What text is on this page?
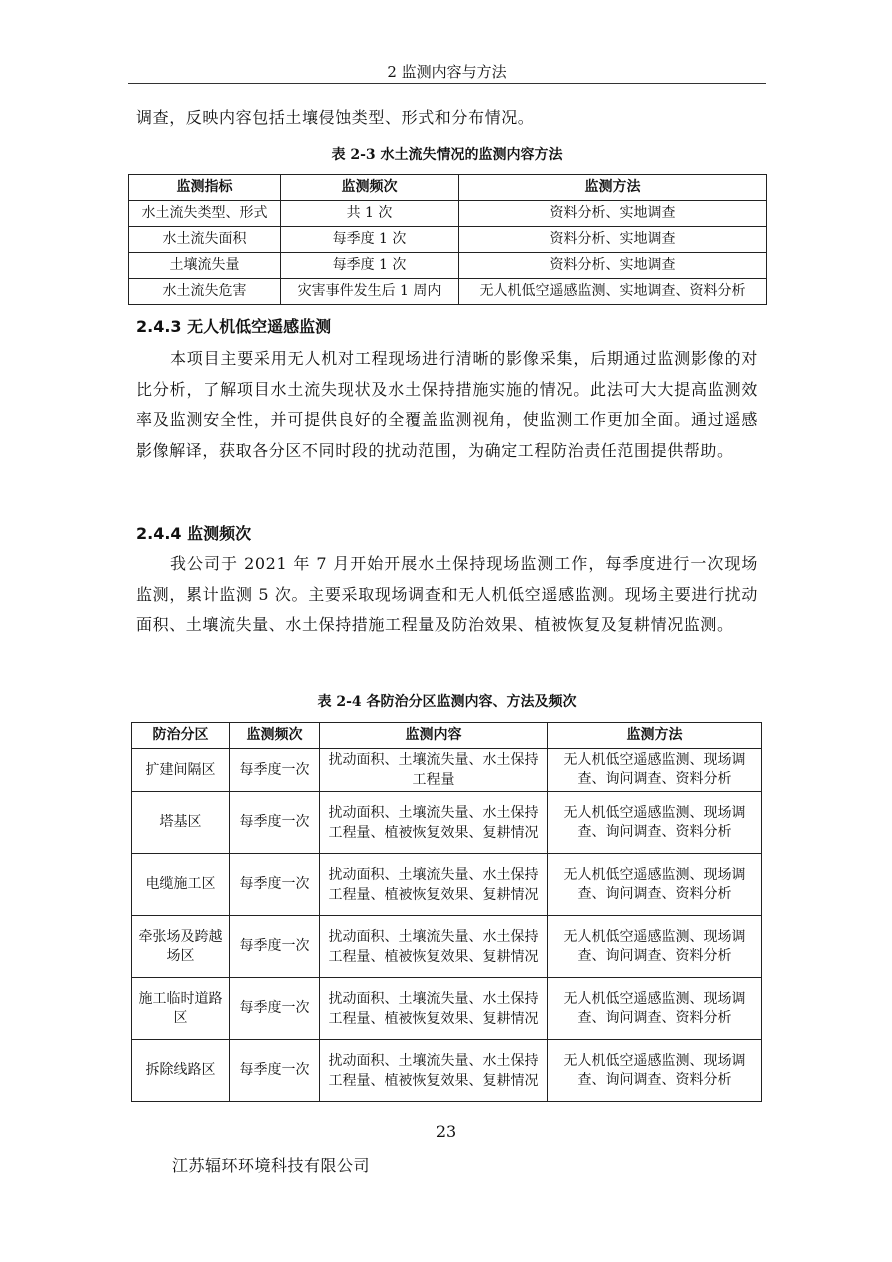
2 监测内容与方法

调查，反映内容包括土壤侵蚀类型、形式和分布情况。

表 2-3 水土流失情况的监测内容方法
监测指标	监测频次	监测方法
水土流失类型、形式	共 1 次	资料分析、实地调查
水土流失面积	每季度 1 次	资料分析、实地调查
土壤流失量	每季度 1 次	资料分析、实地调查
水土流失危害	灾害事件发生后 1 周内	无人机低空遥感监测、实地调查、资料分析
2.4.3 无人机低空遥感监测

本项目主要采用无人机对工程现场进行清晰的影像采集，后期通过监测影像的对比分析，了解项目水土流失现状及水土保持措施实施的情况。此法可大大提高监测效率及监测安全性，并可提供良好的全覆盖监测视角，使监测工作更加全面。通过遥感影像解译，获取各分区不同时段的扰动范围，为确定工程防治责任范围提供帮助。

2.4.4 监测频次

我公司于 2021 年 7 月开始开展水土保持现场监测工作，每季度进行一次现场监测，累计监测 5 次。主要采取现场调查和无人机低空遥感监测。现场主要进行扰动面积、土壤流失量、水土保持措施工程量及防治效果、植被恢复及复耕情况监测。

表 2-4 各防治分区监测内容、方法及频次
防治分区	监测频次	监测内容	监测方法
扩建间隔区	每季度一次	扰动面积、土壤流失量、水土保持工程量	无人机低空遥感监测、现场调查、询问调查、资料分析
塔基区	每季度一次	扰动面积、土壤流失量、水土保持工程量、植被恢复效果、复耕情况	无人机低空遥感监测、现场调查、询问调查、资料分析
电缆施工区	每季度一次	扰动面积、土壤流失量、水土保持工程量、植被恢复效果、复耕情况	无人机低空遥感监测、现场调查、询问调查、资料分析
牵张场及跨越场区	每季度一次	扰动面积、土壤流失量、水土保持工程量、植被恢复效果、复耕情况	无人机低空遥感监测、现场调查、询问调查、资料分析
施工临时道路区	每季度一次	扰动面积、土壤流失量、水土保持工程量、植被恢复效果、复耕情况	无人机低空遥感监测、现场调查、询问调查、资料分析
拆除线路区	每季度一次	扰动面积、土壤流失量、水土保持工程量、植被恢复效果、复耕情况	无人机低空遥感监测、现场调查、询问调查、资料分析
23
江苏辐环环境科技有限公司
